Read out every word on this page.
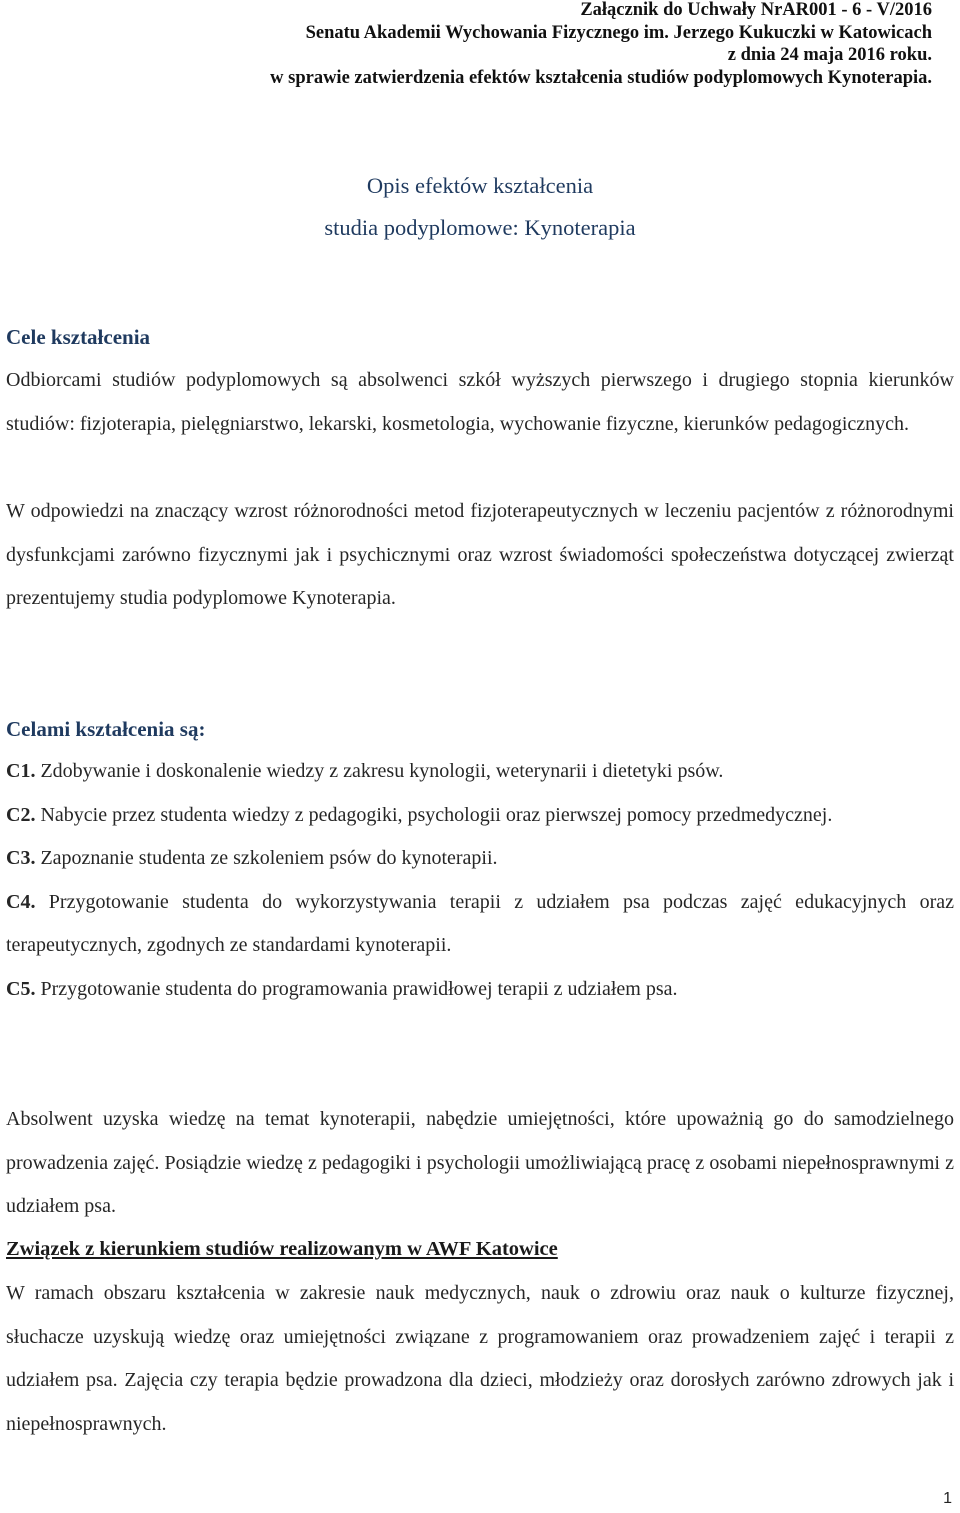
Załącznik do Uchwały NrAR001 - 6 - V/2016
Senatu Akademii Wychowania Fizycznego im. Jerzego Kukuczki w Katowicach
z dnia 24 maja 2016 roku.
w sprawie zatwierdzenia efektów kształcenia studiów podyplomowych Kynoterapia.
Opis efektów kształcenia
studia podyplomowe: Kynoterapia
Cele kształcenia
Odbiorcami studiów podyplomowych są absolwenci szkół wyższych pierwszego i drugiego stopnia kierunków studiów: fizjoterapia, pielęgniarstwo, lekarski, kosmetologia, wychowanie fizyczne, kierunków pedagogicznych.
W odpowiedzi na znaczący wzrost różnorodności metod fizjoterapeutycznych w leczeniu pacjentów z różnorodnymi dysfunkcjami zarówno fizycznymi jak i psychicznymi oraz wzrost świadomości społeczeństwa dotyczącej zwierząt prezentujemy studia podyplomowe Kynoterapia.
Celami kształcenia są:
C1. Zdobywanie i doskonalenie wiedzy z zakresu kynologii, weterynarii i dietetyki psów.
C2. Nabycie przez studenta wiedzy z pedagogiki, psychologii oraz pierwszej pomocy przedmedycznej.
C3. Zapoznanie studenta ze szkoleniem psów do kynoterapii.
C4. Przygotowanie studenta do wykorzystywania terapii z udziałem psa podczas zajęć edukacyjnych oraz terapeutycznych, zgodnych ze standardami kynoterapii.
C5. Przygotowanie studenta do programowania prawidłowej terapii z udziałem psa.
Absolwent uzyska wiedzę na temat kynoterapii, nabędzie umiejętności, które upoważnią go do samodzielnego prowadzenia zajęć. Posiądzie wiedzę z pedagogiki i psychologii umożliwiającą pracę z osobami niepełnosprawnymi z udziałem psa.
Związek z kierunkiem studiów realizowanym w AWF Katowice
W ramach obszaru kształcenia w zakresie nauk medycznych, nauk o zdrowiu oraz nauk o kulturze fizycznej, słuchacze uzyskują wiedzę oraz umiejętności związane z programowaniem oraz prowadzeniem zajęć i terapii z udziałem psa. Zajęcia czy terapia będzie prowadzona dla dzieci, młodzieży oraz dorosłych zarówno zdrowych jak i niepełnosprawnych.
1
